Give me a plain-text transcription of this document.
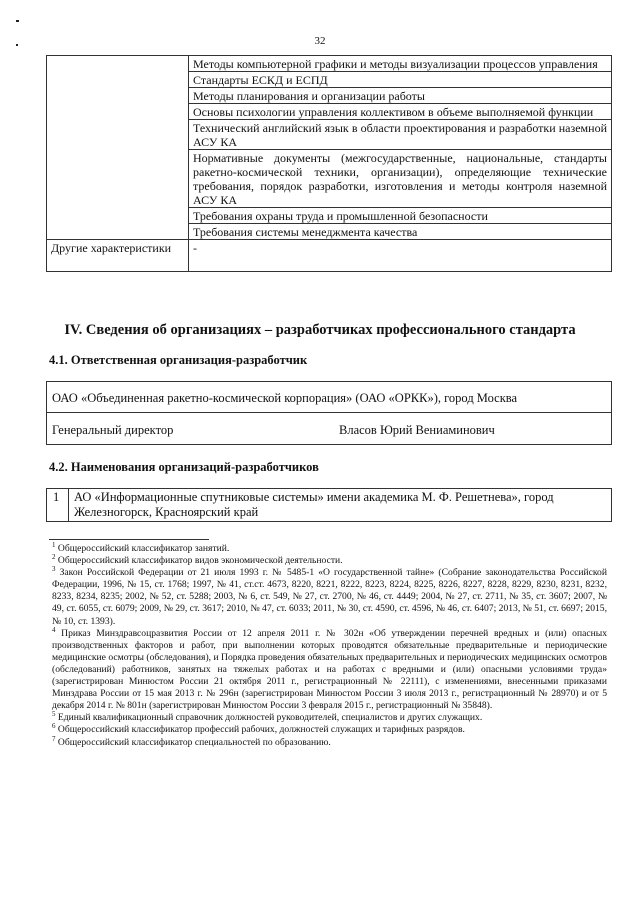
32
	Методы компьютерной графики и методы визуализации процессов управления
	Стандарты ЕСКД и ЕСПД
	Методы планирования и организации работы
	Основы психологии управления коллективом в объеме выполняемой функции
	Технический английский язык в области проектирования и разработки наземной АСУ КА
	Нормативные документы (межгосударственные, национальные, стандарты ракетно-космической техники, организации), определяющие технические требования, порядок разработки, изготовления и методы контроля наземной АСУ КА
	Требования охраны труда и промышленной безопасности
	Требования системы менеджмента качества
Другие характеристики	-
IV. Сведения об организациях – разработчиках профессионального стандарта
4.1. Ответственная организация-разработчик
ОАО «Объединенная ракетно-космической корпорация» (ОАО «ОРКК»), город Москва
Генеральный директор	Власов Юрий Вениаминович
4.2. Наименования организаций-разработчиков
1	АО «Информационные спутниковые системы» имени академика М. Ф. Решетнева», город Железногорск, Красноярский край
$^1$ Общероссийский классификатор занятий.
$^2$ Общероссийский классификатор видов экономической деятельности.
$^3$ Закон Российской Федерации от 21 июля 1993 г. № 5485-1 «О государственной тайне» (Собрание законодательства Российской Федерации, 1996, № 15, ст. 1768; 1997, № 41, ст.ст. 4673, 8220, 8221, 8222, 8223, 8224, 8225, 8226, 8227, 8228, 8229, 8230, 8231, 8232, 8233, 8234, 8235; 2002, № 52, ст. 5288; 2003, № 6, ст. 549, № 27, ст. 2700, № 46, ст. 4449; 2004, № 27, ст. 2711, № 35, ст. 3607; 2007, № 49, ст. 6055, ст. 6079; 2009, № 29, ст. 3617; 2010, № 47, ст. 6033; 2011, № 30, ст. 4590, ст. 4596, № 46, ст. 6407; 2013, № 51, ст. 6697; 2015, № 10, ст. 1393).
$^4$ Приказ Минздравсоцразвития России от 12 апреля 2011 г. № 302н «Об утверждении перечней вредных и (или) опасных производственных факторов и работ, при выполнении которых проводятся обязательные предварительные и периодические медицинские осмотры (обследования), и Порядка проведения обязательных предварительных и периодических медицинских осмотров (обследований) работников, занятых на тяжелых работах и на работах с вредными и (или) опасными условиями труда» (зарегистрирован Минюстом России 21 октября 2011 г., регистрационный № 22111), с изменениями, внесенными приказами Минздрава России от 15 мая 2013 г. № 296н (зарегистрирован Минюстом России 3 июля 2013 г., регистрационный № 28970) и от 5 декабря 2014 г. № 801н (зарегистрирован Минюстом России 3 февраля 2015 г., регистрационный № 35848).
$^5$ Единый квалификационный справочник должностей руководителей, специалистов и других служащих.
$^6$ Общероссийский классификатор профессий рабочих, должностей служащих и тарифных разрядов.
$^7$ Общероссийский классификатор специальностей по образованию.
